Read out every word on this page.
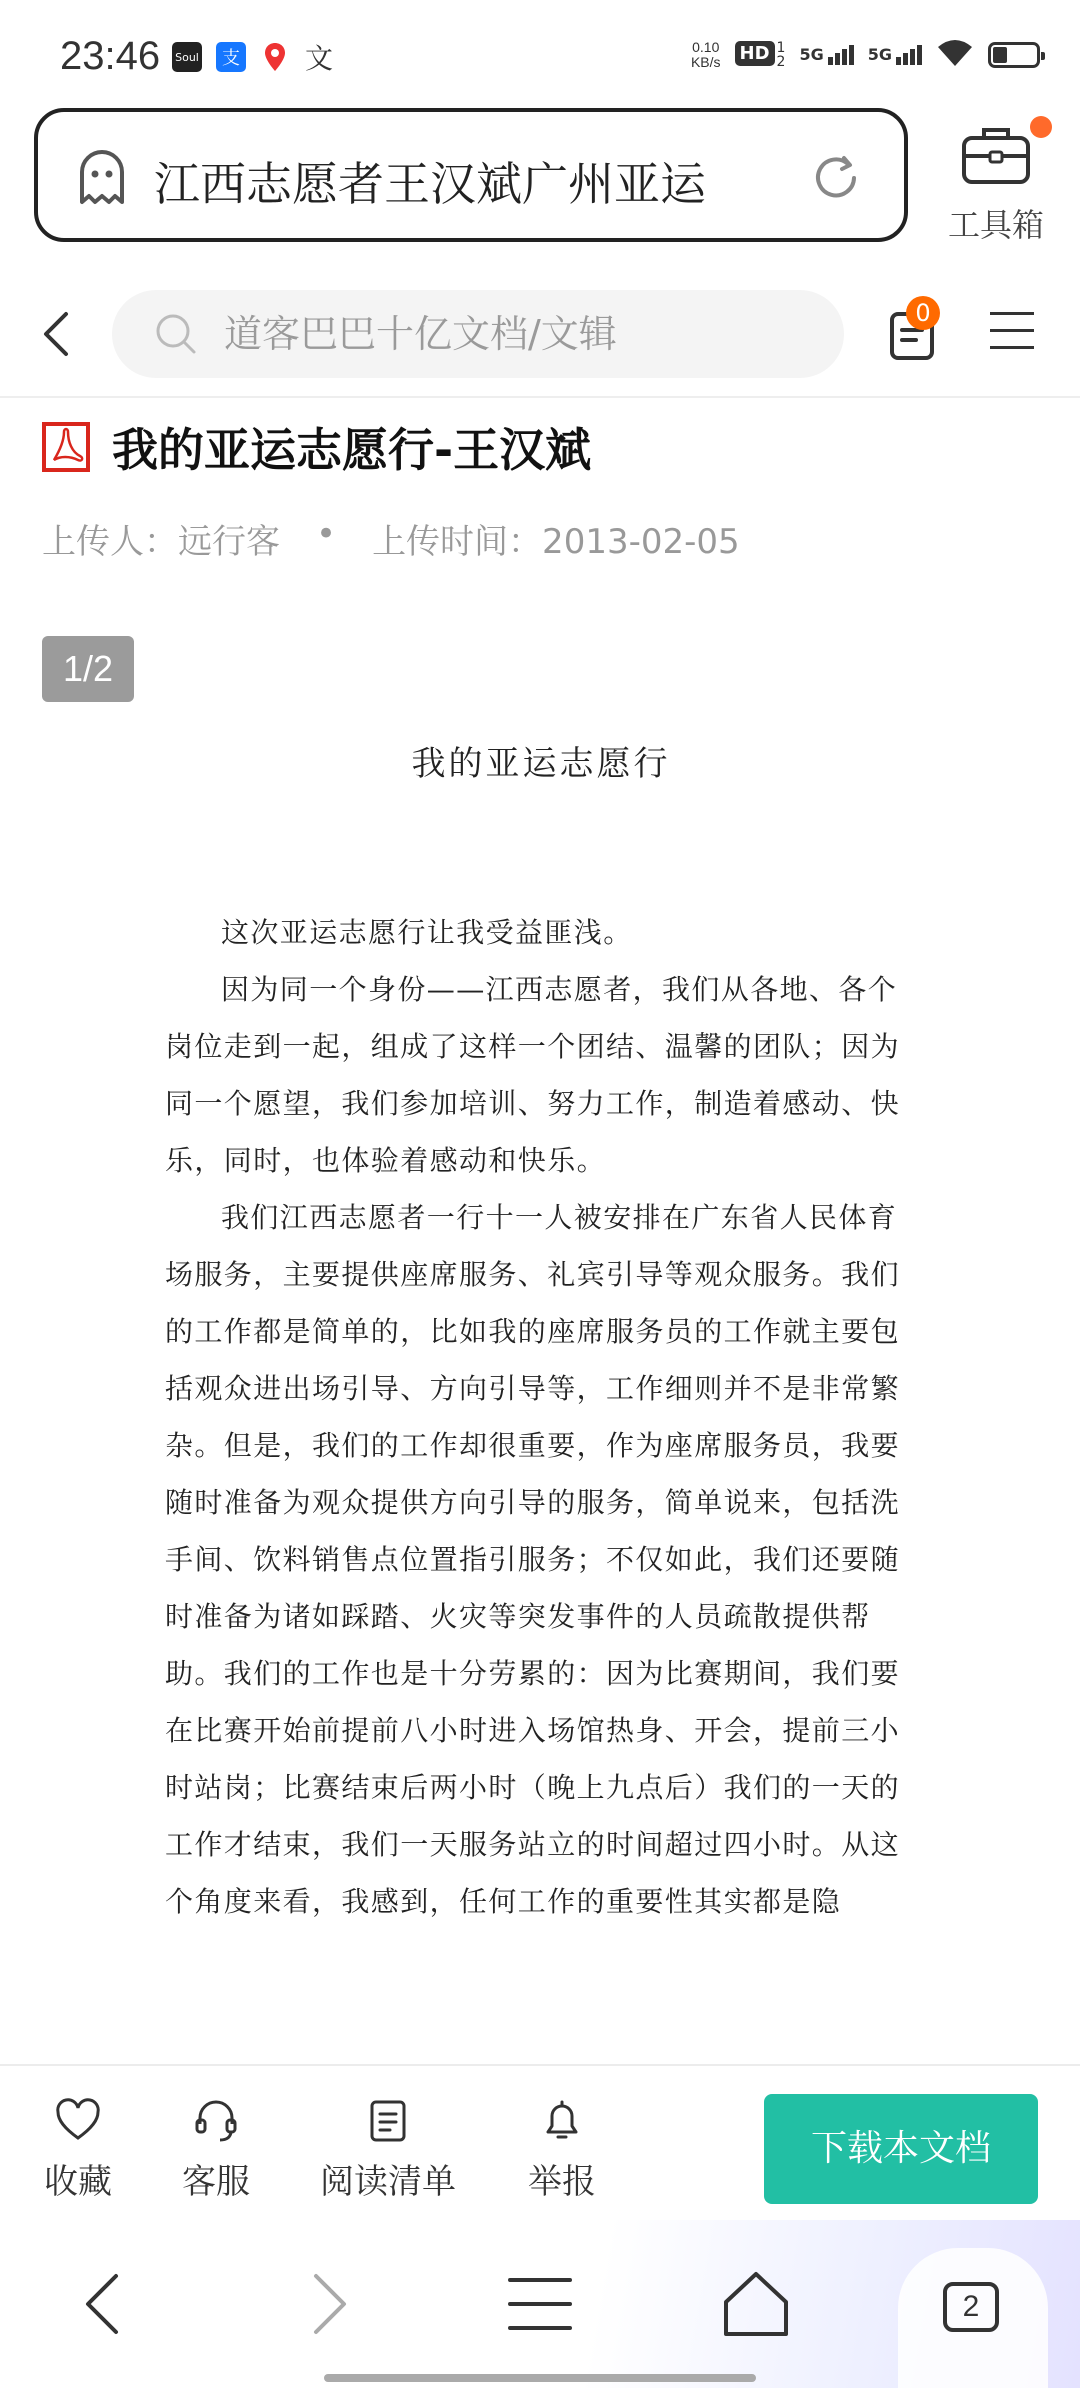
23:46 Soul	支 文	0.10
KB/s HD 1
2 5G	5G
江西志愿者王汉斌广州亚运
工具箱
道客巴巴十亿文档/文辑
0
我的亚运志愿行-王汉斌
上传人：远行客 • 上传时间：2013-02-05
1/2
我的亚运志愿行

这次亚运志愿行让我受益匪浅。

因为同一个身份——江西志愿者，我们从各地、各个岗位走到一起，组成了这样一个团结、温馨的团队；因为同一个愿望，我们参加培训、努力工作，制造着感动、快乐，同时，也体验着感动和快乐。

我们江西志愿者一行十一人被安排在广东省人民体育场服务，主要提供座席服务、礼宾引导等观众服务。我们的工作都是简单的，比如我的座席服务员的工作就主要包括观众进出场引导、方向引导等，工作细则并不是非常繁杂。但是，我们的工作却很重要，作为座席服务员，我要随时准备为观众提供方向引导的服务，简单说来，包括洗手间、饮料销售点位置指引服务；不仅如此，我们还要随时准备为诸如踩踏、火灾等突发事件的人员疏散提供帮助。我们的工作也是十分劳累的：因为比赛期间，我们要在比赛开始前提前八小时进入场馆热身、开会，提前三小时站岗；比赛结束后两小时（晚上九点后）我们的一天的工作才结束，我们一天服务站立的时间超过四小时。从这个角度来看，我感到，任何工作的重要性其实都是隐

收藏 客服 阅读清单 举报
下载本文档
2
